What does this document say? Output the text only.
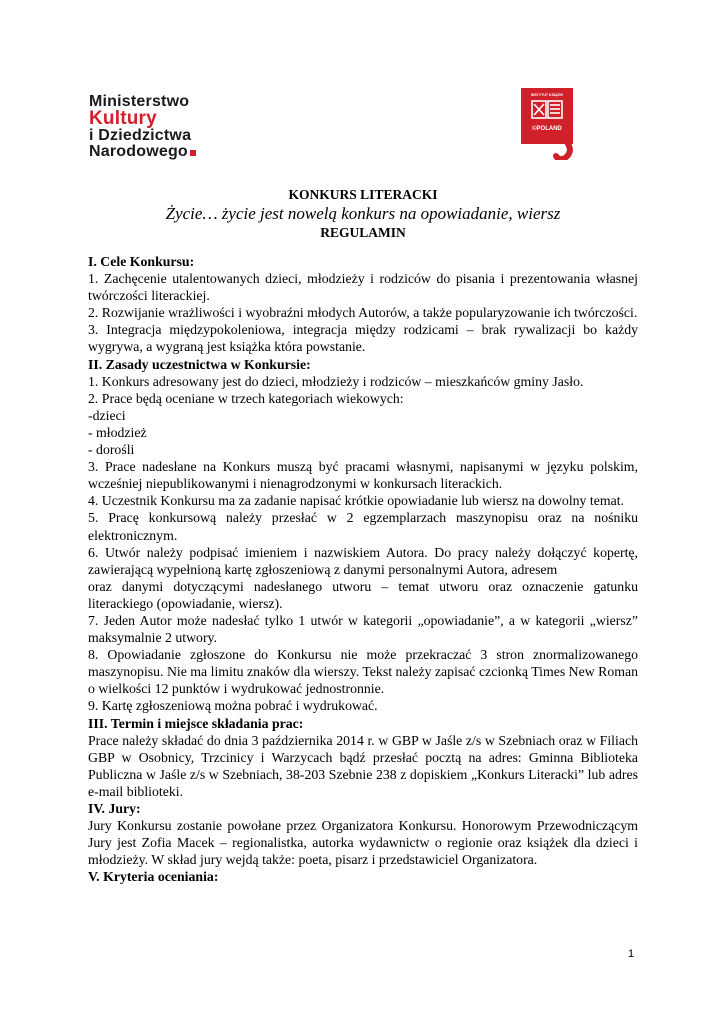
Ministerstwo
Kultury
i Dziedzictwa
Narodowego
INSTYTUT KSIĄŻKI
©POLAND
KONKURS LITERACKI
Życie… życie jest nowelą konkurs na opowiadanie, wiersz
REGULAMIN

I. Cele Konkursu:

1. Zachęcenie utalentowanych dzieci, młodzieży i rodziców do pisania i prezentowania własnej twórczości literackiej.

2. Rozwijanie wrażliwości i wyobraźni młodych Autorów, a także popularyzowanie ich twórczości.

3. Integracja międzypokoleniowa, integracja między rodzicami – brak rywalizacji bo każdy wygrywa, a wygraną jest książka która powstanie.

II. Zasady uczestnictwa w Konkursie:

1. Konkurs adresowany jest do dzieci, młodzieży i rodziców – mieszkańców gminy Jasło.

2. Prace będą oceniane w trzech kategoriach wiekowych:

-dzieci

- młodzież

- dorośli

3. Prace nadesłane na Konkurs muszą być pracami własnymi, napisanymi w języku polskim, wcześniej niepublikowanymi i nienagrodzonymi w konkursach literackich.

4. Uczestnik Konkursu ma za zadanie napisać krótkie opowiadanie lub wiersz na dowolny temat.

5. Pracę konkursową należy przesłać w 2 egzemplarzach maszynopisu oraz na nośniku elektronicznym.

6. Utwór należy podpisać imieniem i nazwiskiem Autora. Do pracy należy dołączyć kopertę, zawierającą wypełnioną kartę zgłoszeniową z danymi personalnymi Autora, adresem

oraz danymi dotyczącymi nadesłanego utworu – temat utworu oraz oznaczenie gatunku literackiego (opowiadanie, wiersz).

7. Jeden Autor może nadesłać tylko 1 utwór w kategorii „opowiadanie”, a w kategorii „wiersz” maksymalnie 2 utwory.

8. Opowiadanie zgłoszone do Konkursu nie może przekraczać 3 stron znormalizowanego maszynopisu. Nie ma limitu znaków dla wierszy. Tekst należy zapisać czcionką Times New Roman o wielkości 12 punktów i wydrukować jednostronnie.

9. Kartę zgłoszeniową można pobrać i wydrukować.

III. Termin i miejsce składania prac:

Prace należy składać do dnia 3 października 2014 r. w GBP w Jaśle z/s w Szebniach oraz w Filiach GBP w Osobnicy, Trzcinicy i Warzycach bądź przesłać pocztą na adres: Gminna Biblioteka Publiczna w Jaśle z/s w Szebniach, 38-203 Szebnie 238 z dopiskiem „Konkurs Literacki” lub adres e-mail biblioteki.

IV. Jury:

Jury Konkursu zostanie powołane przez Organizatora Konkursu. Honorowym Przewodniczącym Jury jest Zofia Macek – regionalistka, autorka wydawnictw o regionie oraz książek dla dzieci i młodzieży. W skład jury wejdą także: poeta, pisarz i przedstawiciel Organizatora.

V. Kryteria oceniania:

1
